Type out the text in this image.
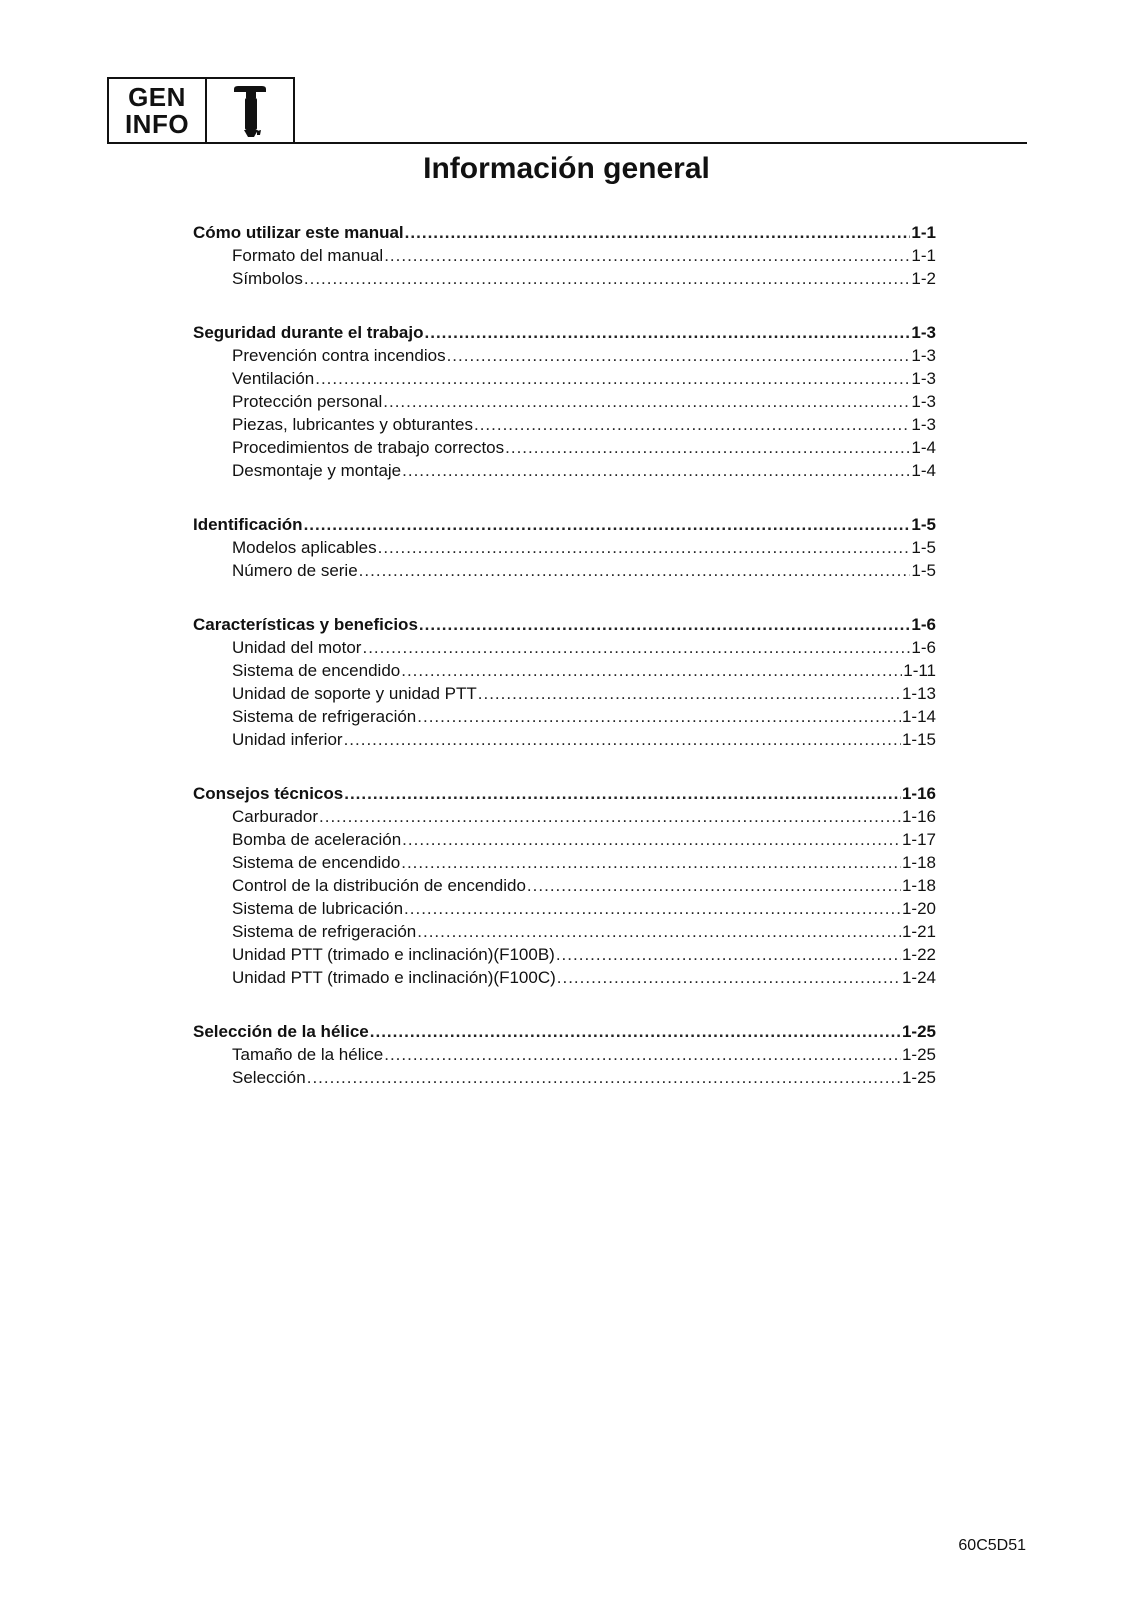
GEN
INFO
Información general
Cómo utilizar este manual .....	1-1
Formato del manual .....	1-1
Símbolos .....	1-2
Seguridad durante el trabajo .....	1-3
Prevención contra incendios .....	1-3
Ventilación .....	1-3
Protección personal .....	1-3
Piezas, lubricantes y obturantes .....	1-3
Procedimientos de trabajo correctos .....	1-4
Desmontaje y montaje .....	1-4
Identificación .....	1-5
Modelos aplicables .....	1-5
Número de serie .....	1-5
Características y beneficios .....	1-6
Unidad del motor .....	1-6
Sistema de encendido .....	1-11
Unidad de soporte y unidad PTT .....	1-13
Sistema de refrigeración .....	1-14
Unidad inferior .....	1-15
Consejos técnicos .....	1-16
Carburador .....	1-16
Bomba de aceleración .....	1-17
Sistema de encendido .....	1-18
Control de la distribución de encendido .....	1-18
Sistema de lubricación .....	1-20
Sistema de refrigeración .....	1-21
Unidad PTT (trimado e inclinación)(F100B) .....	1-22
Unidad PTT (trimado e inclinación)(F100C) .....	1-24
Selección de la hélice .....	1-25
Tamaño de la hélice .....	1-25
Selección .....	1-25
60C5D51
